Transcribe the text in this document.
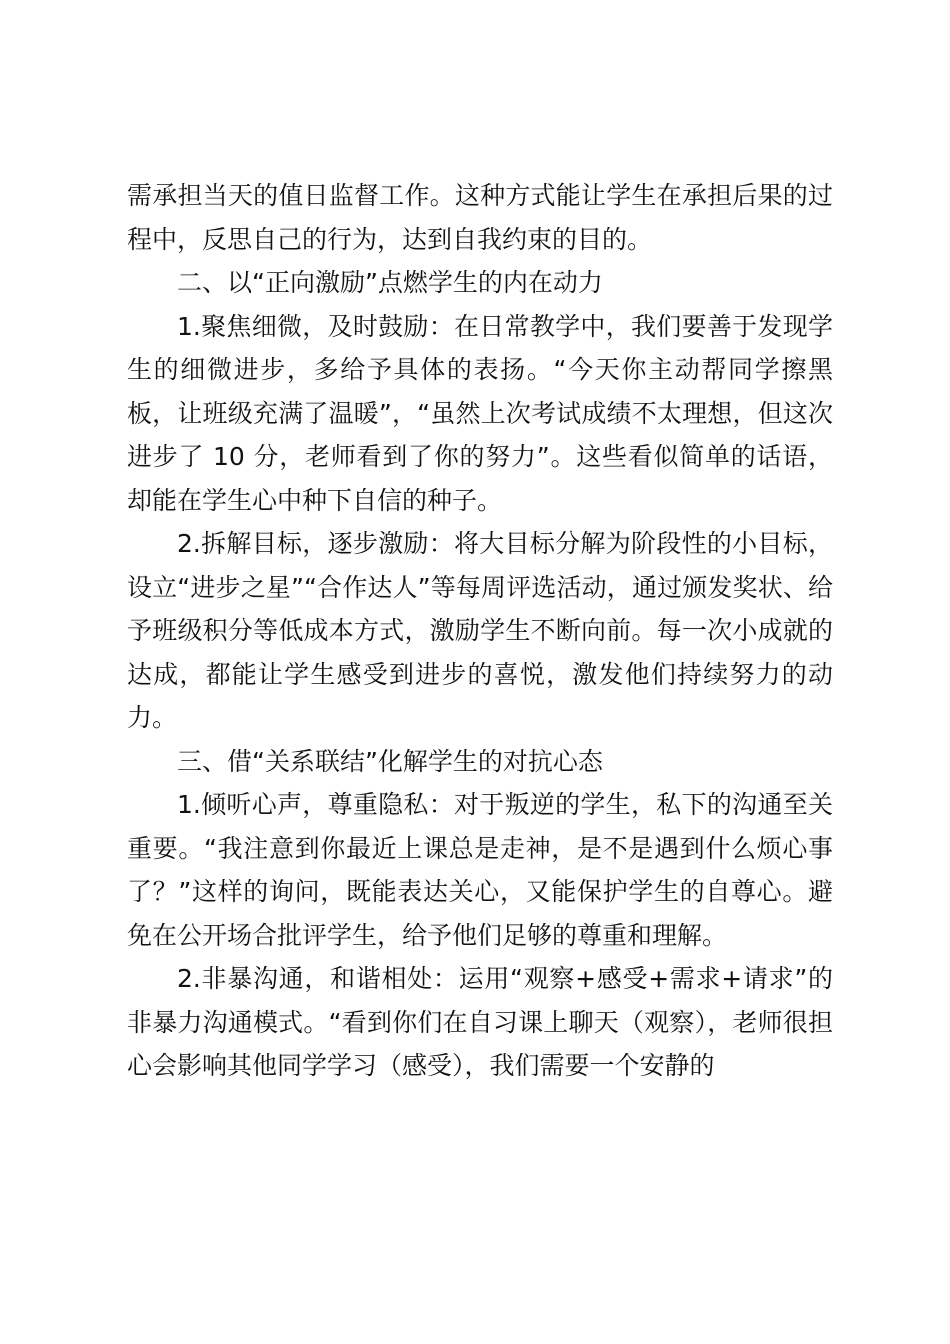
需承担当天的值日监督工作。这种方式能让学生在承担后果的过程中，反思自己的行为，达到自我约束的目的。

二、以“正向激励”点燃学生的内在动力

1.聚焦细微，及时鼓励：在日常教学中，我们要善于发现学生的细微进步，多给予具体的表扬。“今天你主动帮同学擦黑板，让班级充满了温暖”，“虽然上次考试成绩不太理想，但这次进步了 10 分，老师看到了你的努力”。这些看似简单的话语，却能在学生心中种下自信的种子。

2.拆解目标，逐步激励：将大目标分解为阶段性的小目标，设立“进步之星”“合作达人”等每周评选活动，通过颁发奖状、给予班级积分等低成本方式，激励学生不断向前。每一次小成就的达成，都能让学生感受到进步的喜悦，激发他们持续努力的动力。

三、借“关系联结”化解学生的对抗心态

1.倾听心声，尊重隐私：对于叛逆的学生，私下的沟通至关重要。“我注意到你最近上课总是走神，是不是遇到什么烦心事了？”这样的询问，既能表达关心，又能保护学生的自尊心。避免在公开场合批评学生，给予他们足够的尊重和理解。

2.非暴沟通，和谐相处：运用“观察+感受+需求+请求”的非暴力沟通模式。“看到你们在自习课上聊天（观察），老师很担心会影响其他同学学习（感受），我们需要一个安静的
